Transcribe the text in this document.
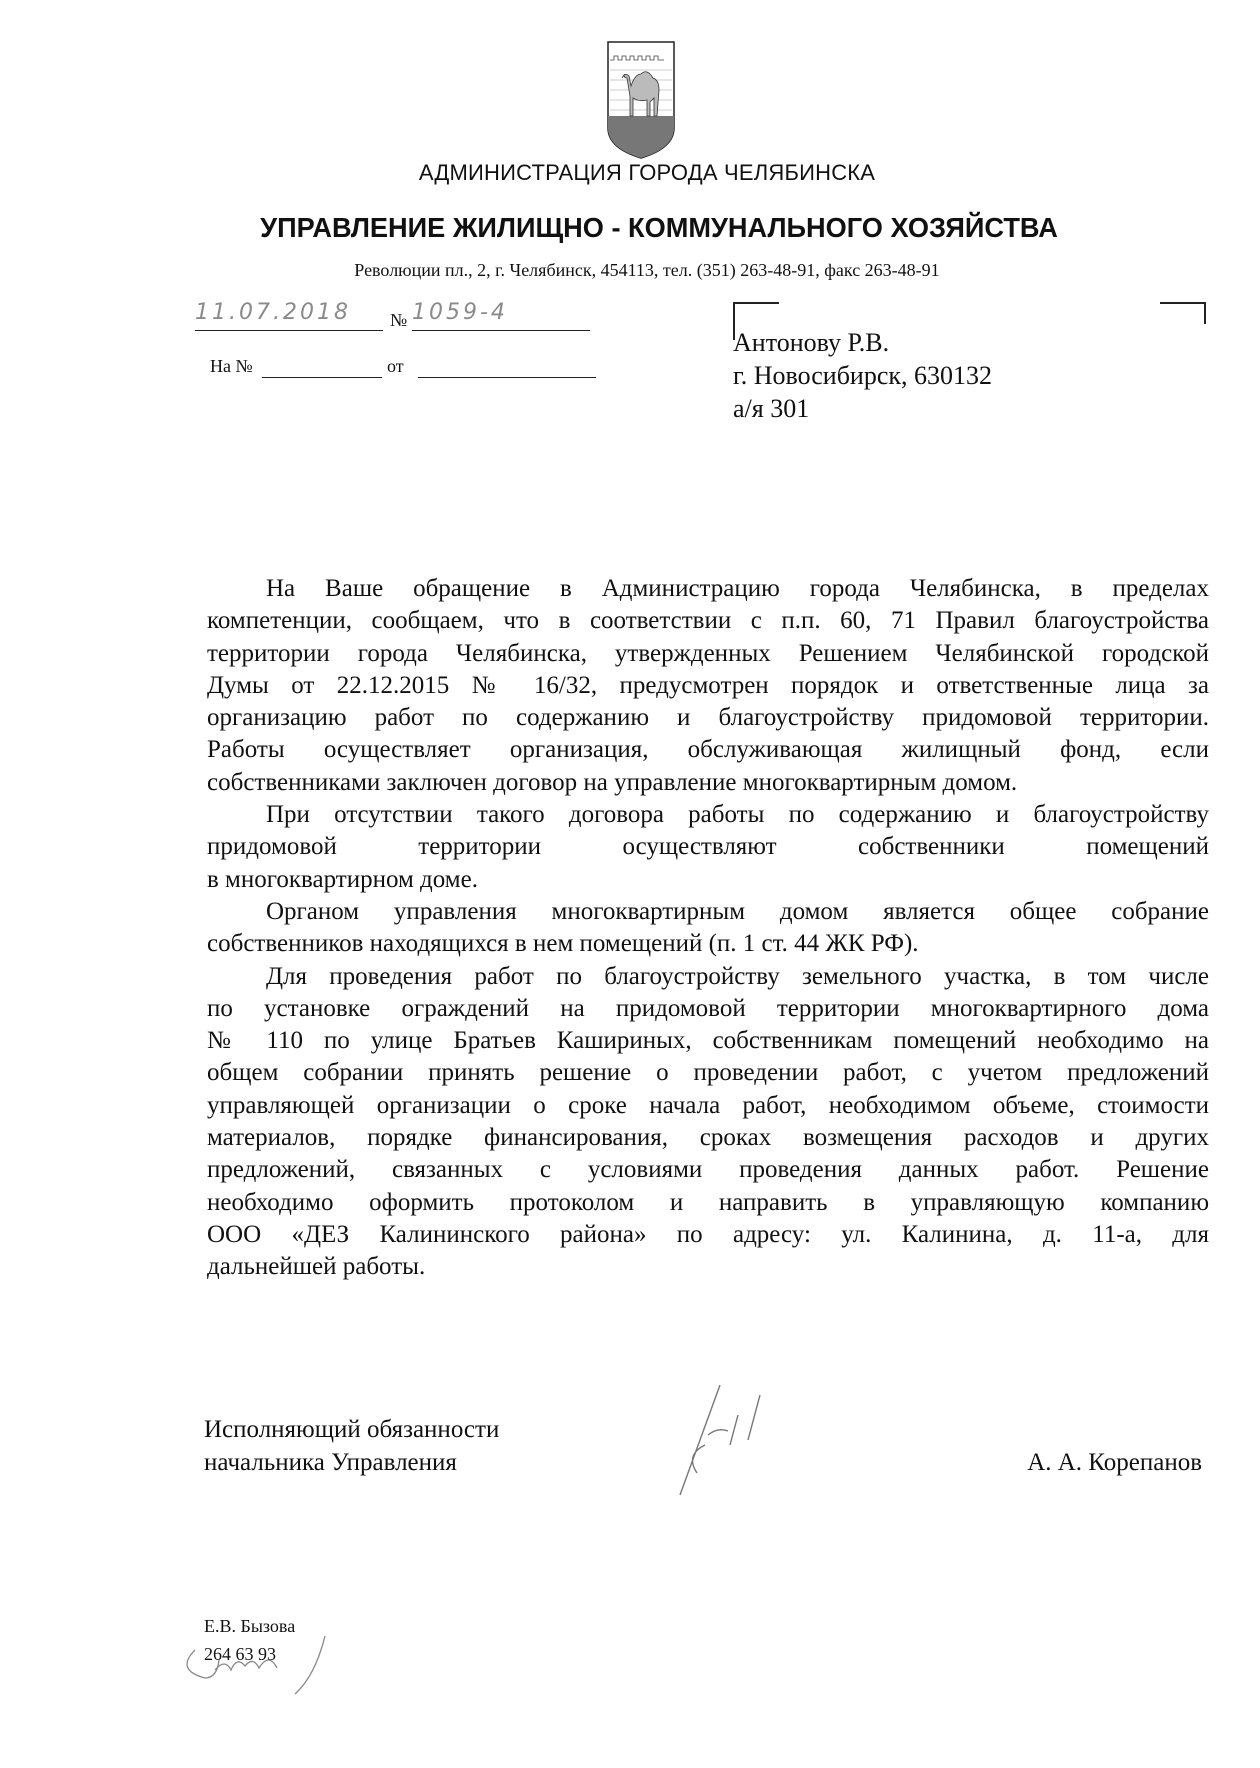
АДМИНИСТРАЦИЯ ГОРОДА ЧЕЛЯБИНСКА
УПРАВЛЕНИЕ ЖИЛИЩНО - КОММУНАЛЬНОГО ХОЗЯЙСТВА
Революции пл., 2, г. Челябинск, 454113, тел. (351) 263-48-91, факс 263-48-91
11.07.2018	№ 1059-4
На №	от
Антонову Р.В.
г. Новосибирск, 630132
а/я 301
На Ваше обращение в Администрацию города Челябинска, в пределах
компетенции, сообщаем, что в соответствии с п.п. 60, 71 Правил благоустройства
территории города Челябинска, утвержденных Решением Челябинской городской
Думы от 22.12.2015 № 16/32, предусмотрен порядок и ответственные лица за
организацию работ по содержанию и благоустройству придомовой территории.
Работы осуществляет организация, обслуживающая жилищный фонд, если
собственниками заключен договор на управление многоквартирным домом.
При отсутствии такого договора работы по содержанию и благоустройству
придомовой территории осуществляют собственники помещений
в многоквартирном доме.
Органом управления многоквартирным домом является общее собрание
собственников находящихся в нем помещений (п. 1 ст. 44 ЖК РФ).
Для проведения работ по благоустройству земельного участка, в том числе
по установке ограждений на придомовой территории многоквартирного дома
№ 110 по улице Братьев Кашириных, собственникам помещений необходимо на
общем собрании принять решение о проведении работ, с учетом предложений
управляющей организации о сроке начала работ, необходимом объеме, стоимости
материалов, порядке финансирования, сроках возмещения расходов и других
предложений, связанных с условиями проведения данных работ. Решение
необходимо оформить протоколом и направить в управляющую компанию
ООО «ДЕЗ Калининского района» по адресу: ул. Калинина, д. 11-а, для
дальнейшей работы.
Исполняющий обязанности
начальника Управления	А. А. Корепанов
Е.В. Бызова
264 63 93
